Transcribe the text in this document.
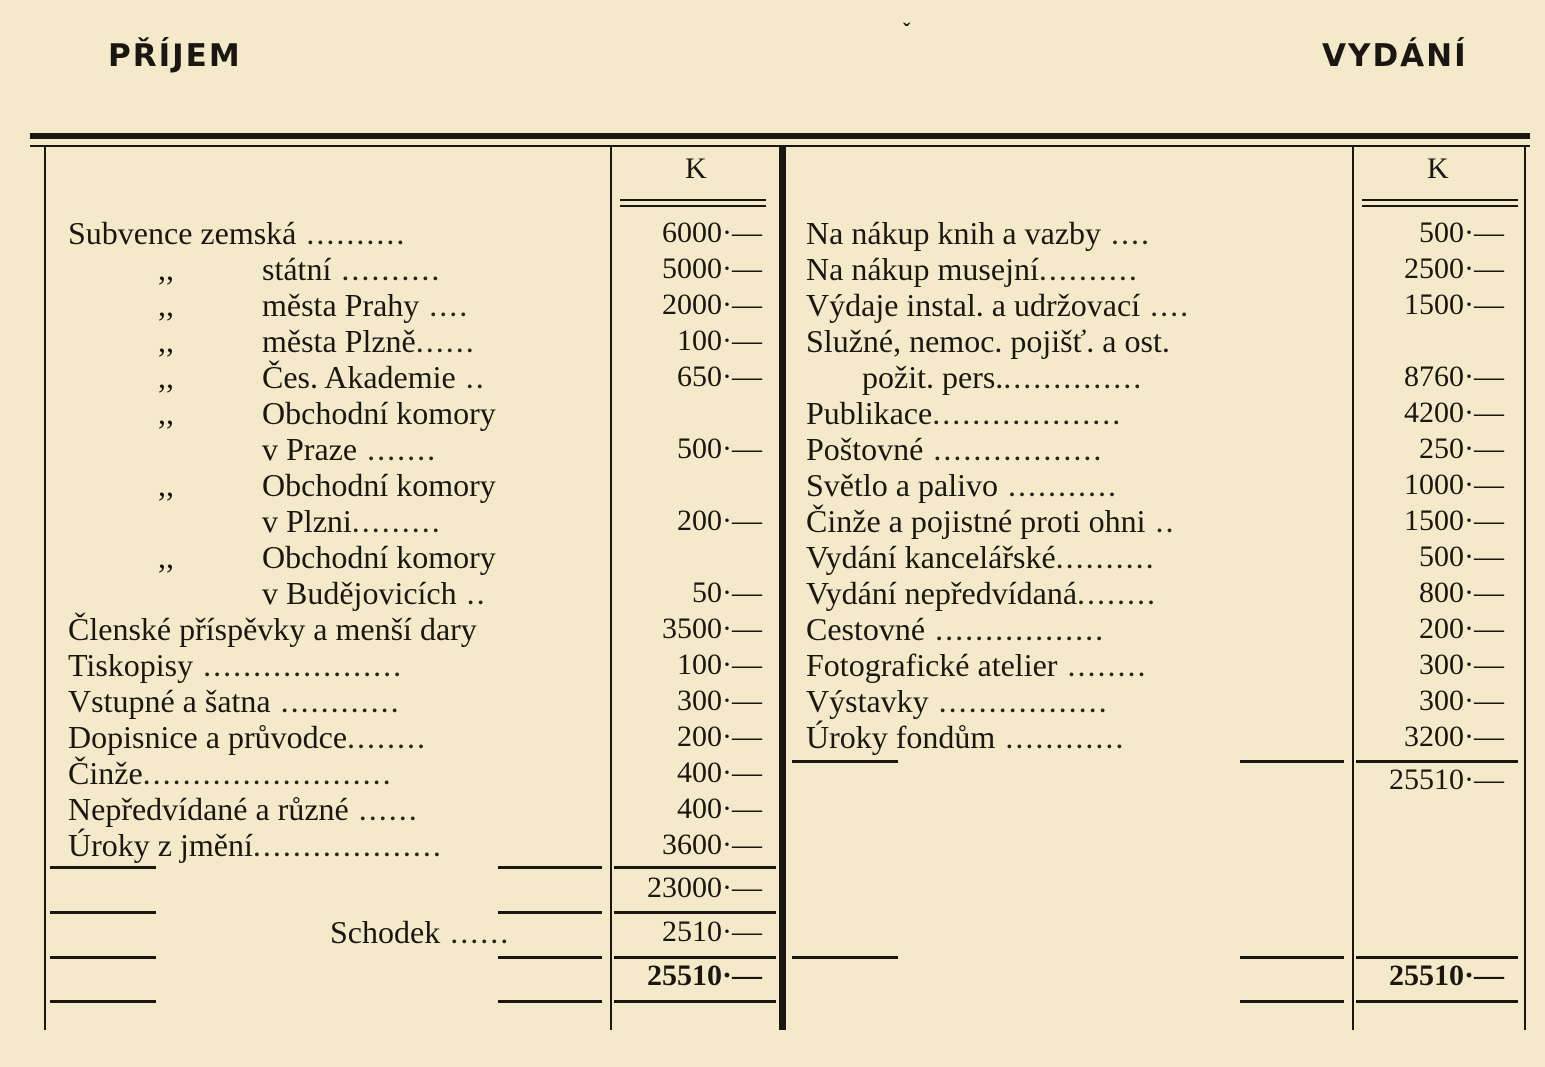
PŘÍJEM
ˇ
VYDÁNÍ
K	K
Subvence zemská ..........	6000·—
,,	státní ..........	5000·—
,,	města Prahy ....	2000·—
,,	města Plzně......	100·—
,,	Čes. Akademie ..	650·—
,,	Obchodní komory
v Praze .......	500·—
,,	Obchodní komory
v Plzni.........	200·—
,,	Obchodní komory
v Budějovicích ..	50·—
Členské příspěvky a menší dary	3500·—
Tiskopisy ....................	100·—
Vstupné a šatna ............	300·—
Dopisnice a průvodce........	200·—
Činže.........................	400·—
Nepředvídané a různé ......	400·—
Úroky z jmění...................	3600·—
23000·—
Schodek ......	2510·—
25510·—
Na nákup knih a vazby ....	500·—
Na nákup musejní..........	2500·—
Výdaje instal. a udržovací ....	1500·—
Služné, nemoc. pojišť. a ost.
požit. pers...............	8760·—
Publikace...................	4200·—
Poštovné .................	250·—
Světlo a palivo ...........	1000·—
Činže a pojistné proti ohni ..	1500·—
Vydání kancelářské..........	500·—
Vydání nepředvídaná........	800·—
Cestovné .................	200·—
Fotografické atelier ........	300·—
Výstavky .................	300·—
Úroky fondům ............	3200·—
25510·—
25510·—
